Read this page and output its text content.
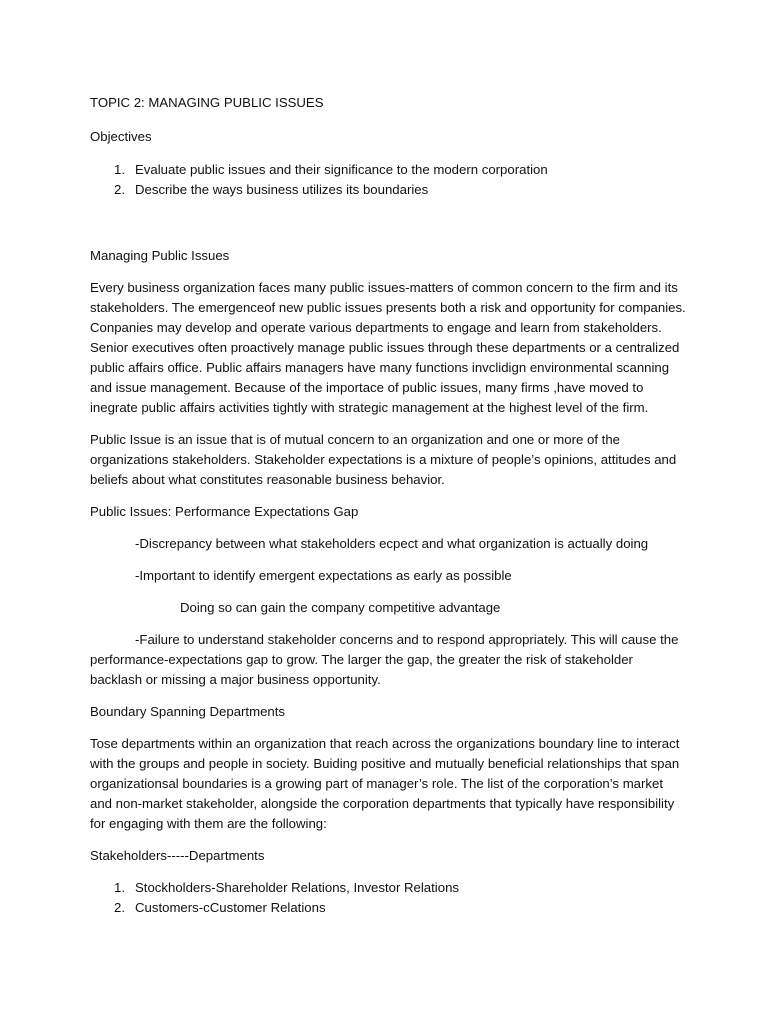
TOPIC 2: MANAGING PUBLIC ISSUES

Objectives

1. Evaluate public issues and their significance to the modern corporation
2. Describe the ways business utilizes its boundaries

Managing Public Issues

Every business organization faces many public issues-matters of common concern to the firm and its stakeholders. The emergenceof new public issues presents both a risk and opportunity for companies. Conpanies may develop and operate various departments to engage and learn from stakeholders. Senior executives often proactively manage public issues through these departments or a centralized public affairs office. Public affairs managers have many functions invclidign environmental scanning and issue management. Because of the importace of public issues, many firms ,have moved to inegrate public affairs activities tightly with strategic management at the highest level of the firm.

Public Issue is an issue that is of mutual concern to an organization and one or more of the organizations stakeholders. Stakeholder expectations is a mixture of people’s opinions, attitudes and beliefs about what constitutes reasonable business behavior.

Public Issues: Performance Expectations Gap

-Discrepancy between what stakeholders ecpect and what organization is actually doing

-Important to identify emergent expectations as early as possible

Doing so can gain the company competitive advantage

-Failure to understand stakeholder concerns and to respond appropriately. This will cause the
performance-expectations gap to grow. The larger the gap, the greater the risk of stakeholder backlash or missing a major business opportunity.

Boundary Spanning Departments

Tose departments within an organization that reach across the organizations boundary line to interact with the groups and people in society. Buiding positive and mutually beneficial relationships that span organizationsal boundaries is a growing part of manager’s role. The list of the corporation’s market and non-market stakeholder, alongside the corporation departments that typically have responsibility for engaging with them are the following:

Stakeholders-----Departments

1. Stockholders-Shareholder Relations, Investor Relations
2. Customers-cCustomer Relations
